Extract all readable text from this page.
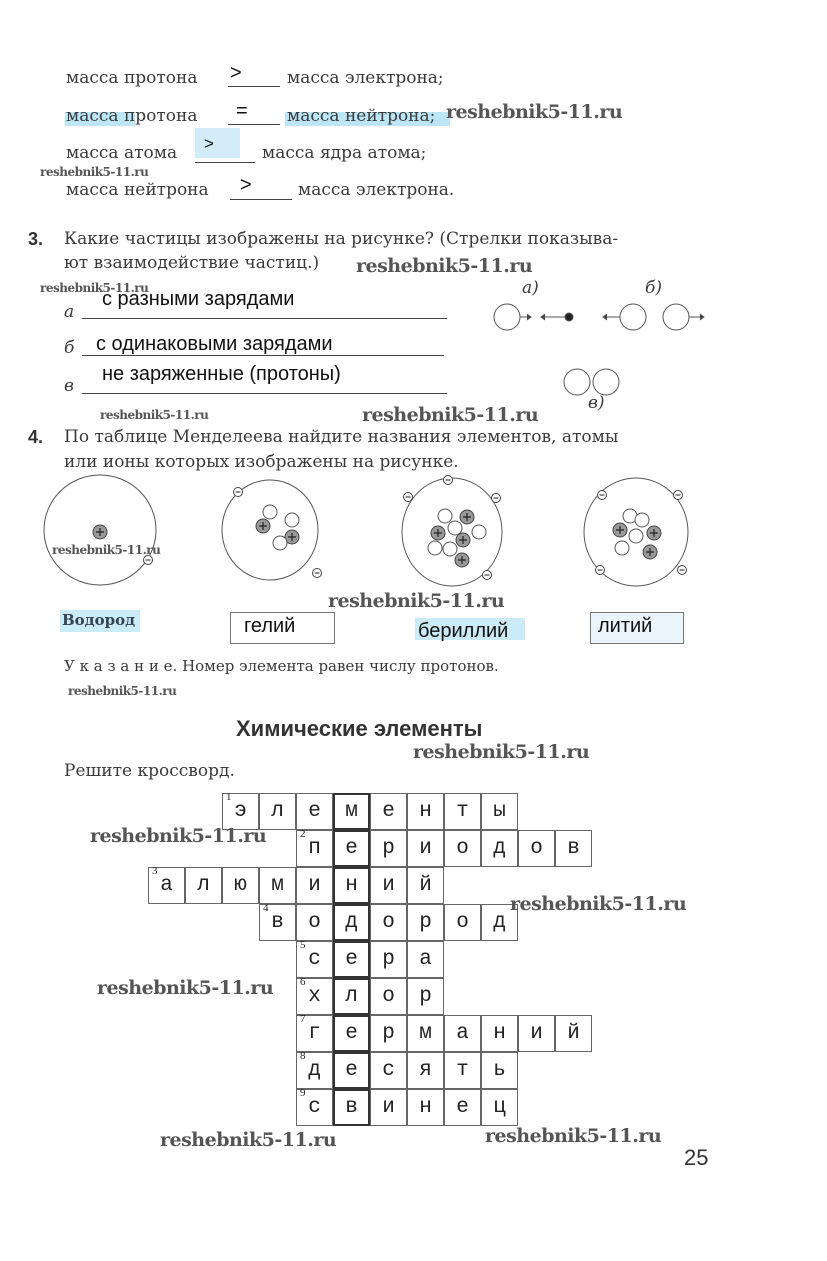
масса протона >	масса электрона;
масса протона = масса нейтрона;
масса атома >	масса ядра атома;
масса нейтрона >	масса электрона.
3. Какие частицы изображены на рисунке? (Стрелки показыва-
ют взаимодействие частиц.)
а
с разными зарядами
б с одинаковыми зарядами
в
не заряженные (протоны)
а)	б)
в)
4. По таблице Менделеева найдите названия элементов, атомы
или ионы которых изображены на рисунке.
reshebnik5-11.ru
Водород	гелий	бериллий	литий
У к а з а н и е. Номер элемента равен числу протонов.
Химические элементы
Решите кроссворд.
1
элементы
2
периодов
3
алюминий
4
водород
5
сера
6
хлор
7
германий
8
десять
9
свинец
reshebnik5-11.ru
reshebnik5-11.ru
reshebnik5-11.ru
reshebnik5-11.ru
reshebnik5-11.ru	reshebnik5-11.ru
reshebnik5-11.ru
reshebnik5-11.ru
reshebnik5-11.ru
reshebnik5-11.ru
reshebnik5-11.ru
reshebnik5-11.ru
reshebnik5-11.ru	reshebnik5-11.ru
25
